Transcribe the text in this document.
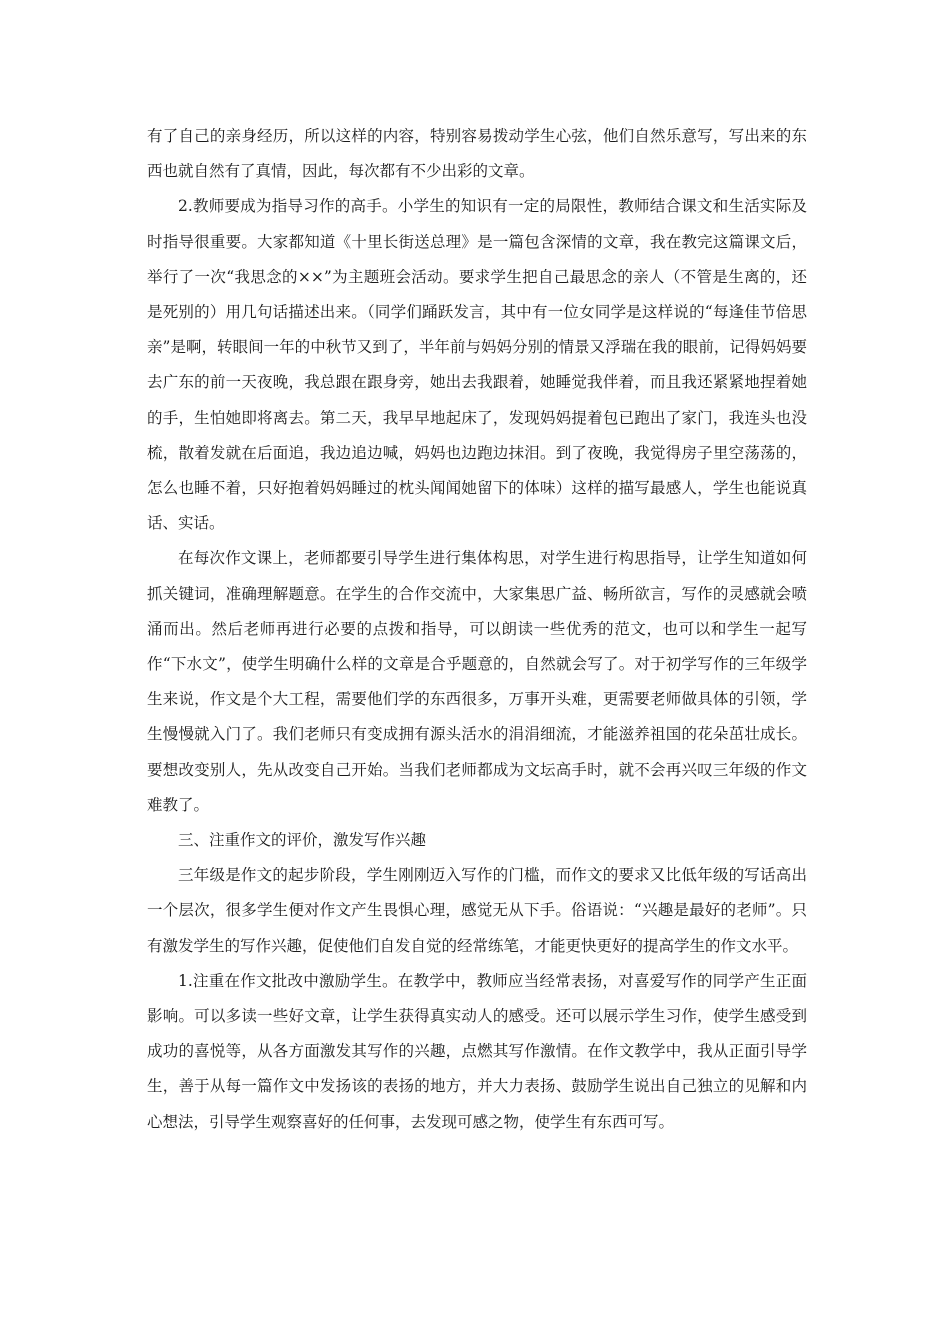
有了自己的亲身经历，所以这样的内容，特别容易拨动学生心弦，他们自然乐意写，写出来的东西也就自然有了真情，因此，每次都有不少出彩的文章。

2.教师要成为指导习作的高手。小学生的知识有一定的局限性，教师结合课文和生活实际及时指导很重要。大家都知道《十里长街送总理》是一篇包含深情的文章，我在教完这篇课文后，举行了一次“我思念的××”为主题班会活动。要求学生把自己最思念的亲人（不管是生离的，还是死别的）用几句话描述出来。（同学们踊跃发言，其中有一位女同学是这样说的“每逢佳节倍思亲”是啊，转眼间一年的中秋节又到了，半年前与妈妈分别的情景又浮瑞在我的眼前，记得妈妈要去广东的前一天夜晚，我总跟在跟身旁，她出去我跟着，她睡觉我伴着，而且我还紧紧地捏着她的手，生怕她即将离去。第二天，我早早地起床了，发现妈妈提着包已跑出了家门，我连头也没梳，散着发就在后面追，我边追边喊，妈妈也边跑边抹泪。到了夜晚，我觉得房子里空荡荡的，怎么也睡不着，只好抱着妈妈睡过的枕头闻闻她留下的体味）这样的描写最感人，学生也能说真话、实话。

在每次作文课上，老师都要引导学生进行集体构思，对学生进行构思指导，让学生知道如何抓关键词，准确理解题意。在学生的合作交流中，大家集思广益、畅所欲言，写作的灵感就会喷涌而出。然后老师再进行必要的点拨和指导，可以朗读一些优秀的范文，也可以和学生一起写作“下水文”，使学生明确什么样的文章是合乎题意的，自然就会写了。对于初学写作的三年级学生来说，作文是个大工程，需要他们学的东西很多，万事开头难，更需要老师做具体的引领，学生慢慢就入门了。我们老师只有变成拥有源头活水的涓涓细流，才能滋养祖国的花朵茁壮成长。要想改变别人，先从改变自己开始。当我们老师都成为文坛高手时，就不会再兴叹三年级的作文难教了。

三、注重作文的评价，激发写作兴趣

三年级是作文的起步阶段，学生刚刚迈入写作的门槛，而作文的要求又比低年级的写话高出一个层次，很多学生便对作文产生畏惧心理，感觉无从下手。俗语说：“兴趣是最好的老师”。只有激发学生的写作兴趣，促使他们自发自觉的经常练笔，才能更快更好的提高学生的作文水平。

1.注重在作文批改中激励学生。在教学中，教师应当经常表扬，对喜爱写作的同学产生正面影响。可以多读一些好文章，让学生获得真实动人的感受。还可以展示学生习作，使学生感受到成功的喜悦等，从各方面激发其写作的兴趣，点燃其写作激情。在作文教学中，我从正面引导学生，善于从每一篇作文中发扬该的表扬的地方，并大力表扬、鼓励学生说出自己独立的见解和内心想法，引导学生观察喜好的任何事，去发现可感之物，使学生有东西可写。
